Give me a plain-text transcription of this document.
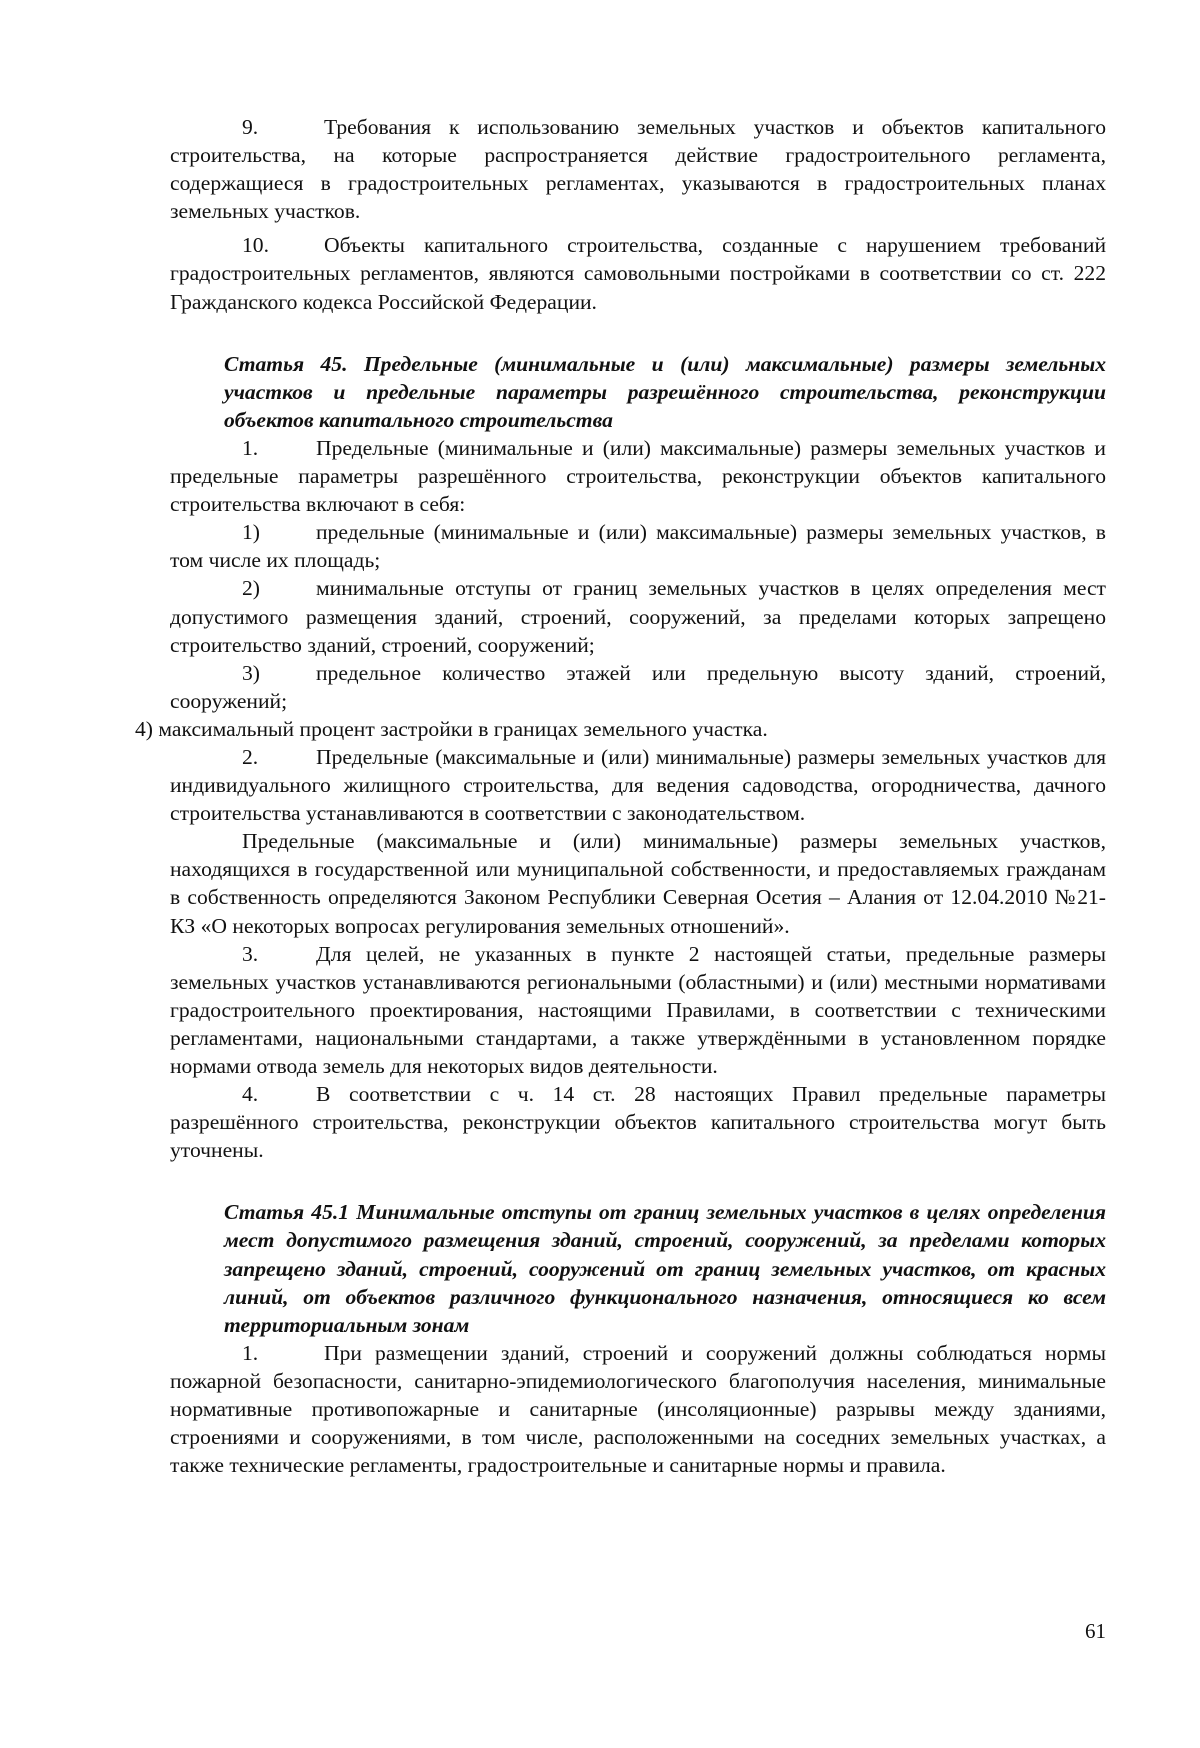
9.	Требования к использованию земельных участков и объектов капитального строительства, на которые распространяется действие градостроительного регламента, содержащиеся в градостроительных регламентах, указываются в градостроительных планах земельных участков.

10.	Объекты капитального строительства, созданные с нарушением требований градостроительных регламентов, являются самовольными постройками в соответствии со ст. 222 Гражданского кодекса Российской Федерации.

Статья 45. Предельные (минимальные и (или) максимальные) размеры земельных участков и предельные параметры разрешённого строительства, реконструкции объектов капитального строительства

1.	Предельные (минимальные и (или) максимальные) размеры земельных участков и предельные параметры разрешённого строительства, реконструкции объектов капитального строительства включают в себя:

1)	предельные (минимальные и (или) максимальные) размеры земельных участков, в том числе их площадь;

2)	минимальные отступы от границ земельных участков в целях определения мест допустимого размещения зданий, строений, сооружений, за пределами которых запрещено строительство зданий, строений, сооружений;

3)	предельное количество этажей или предельную высоту зданий, строений, сооружений;

4) максимальный процент застройки в границах земельного участка.

2.	Предельные (максимальные и (или) минимальные) размеры земельных участков для индивидуального жилищного строительства, для ведения садоводства, огородничества, дачного строительства устанавливаются в соответствии с законодательством.

Предельные (максимальные и (или) минимальные) размеры земельных участков, находящихся в государственной или муниципальной собственности, и предоставляемых гражданам в собственность определяются Законом Республики Северная Осетия – Алания от 12.04.2010 №21-КЗ «О некоторых вопросах регулирования земельных отношений».

3.	Для целей, не указанных в пункте 2 настоящей статьи, предельные размеры земельных участков устанавливаются региональными (областными) и (или) местными нормативами градостроительного проектирования, настоящими Правилами, в соответствии с техническими регламентами, национальными стандартами, а также утверждёнными в установленном порядке нормами отвода земель для некоторых видов деятельности.

4.	В соответствии с ч. 14 ст. 28 настоящих Правил предельные параметры разрешённого строительства, реконструкции объектов капитального строительства могут быть уточнены.

Статья 45.1 Минимальные отступы от границ земельных участков в целях определения мест допустимого размещения зданий, строений, сооружений, за пределами которых запрещено зданий, строений, сооружений от границ земельных участков, от красных линий, от объектов различного функционального назначения, относящиеся ко всем территориальным зонам

1.	При размещении зданий, строений и сооружений должны соблюдаться нормы пожарной безопасности, санитарно-эпидемиологического благополучия населения, минимальные нормативные противопожарные и санитарные (инсоляционные) разрывы между зданиями, строениями и сооружениями, в том числе, расположенными на соседних земельных участках, а также технические регламенты, градостроительные и санитарные нормы и правила.

61
